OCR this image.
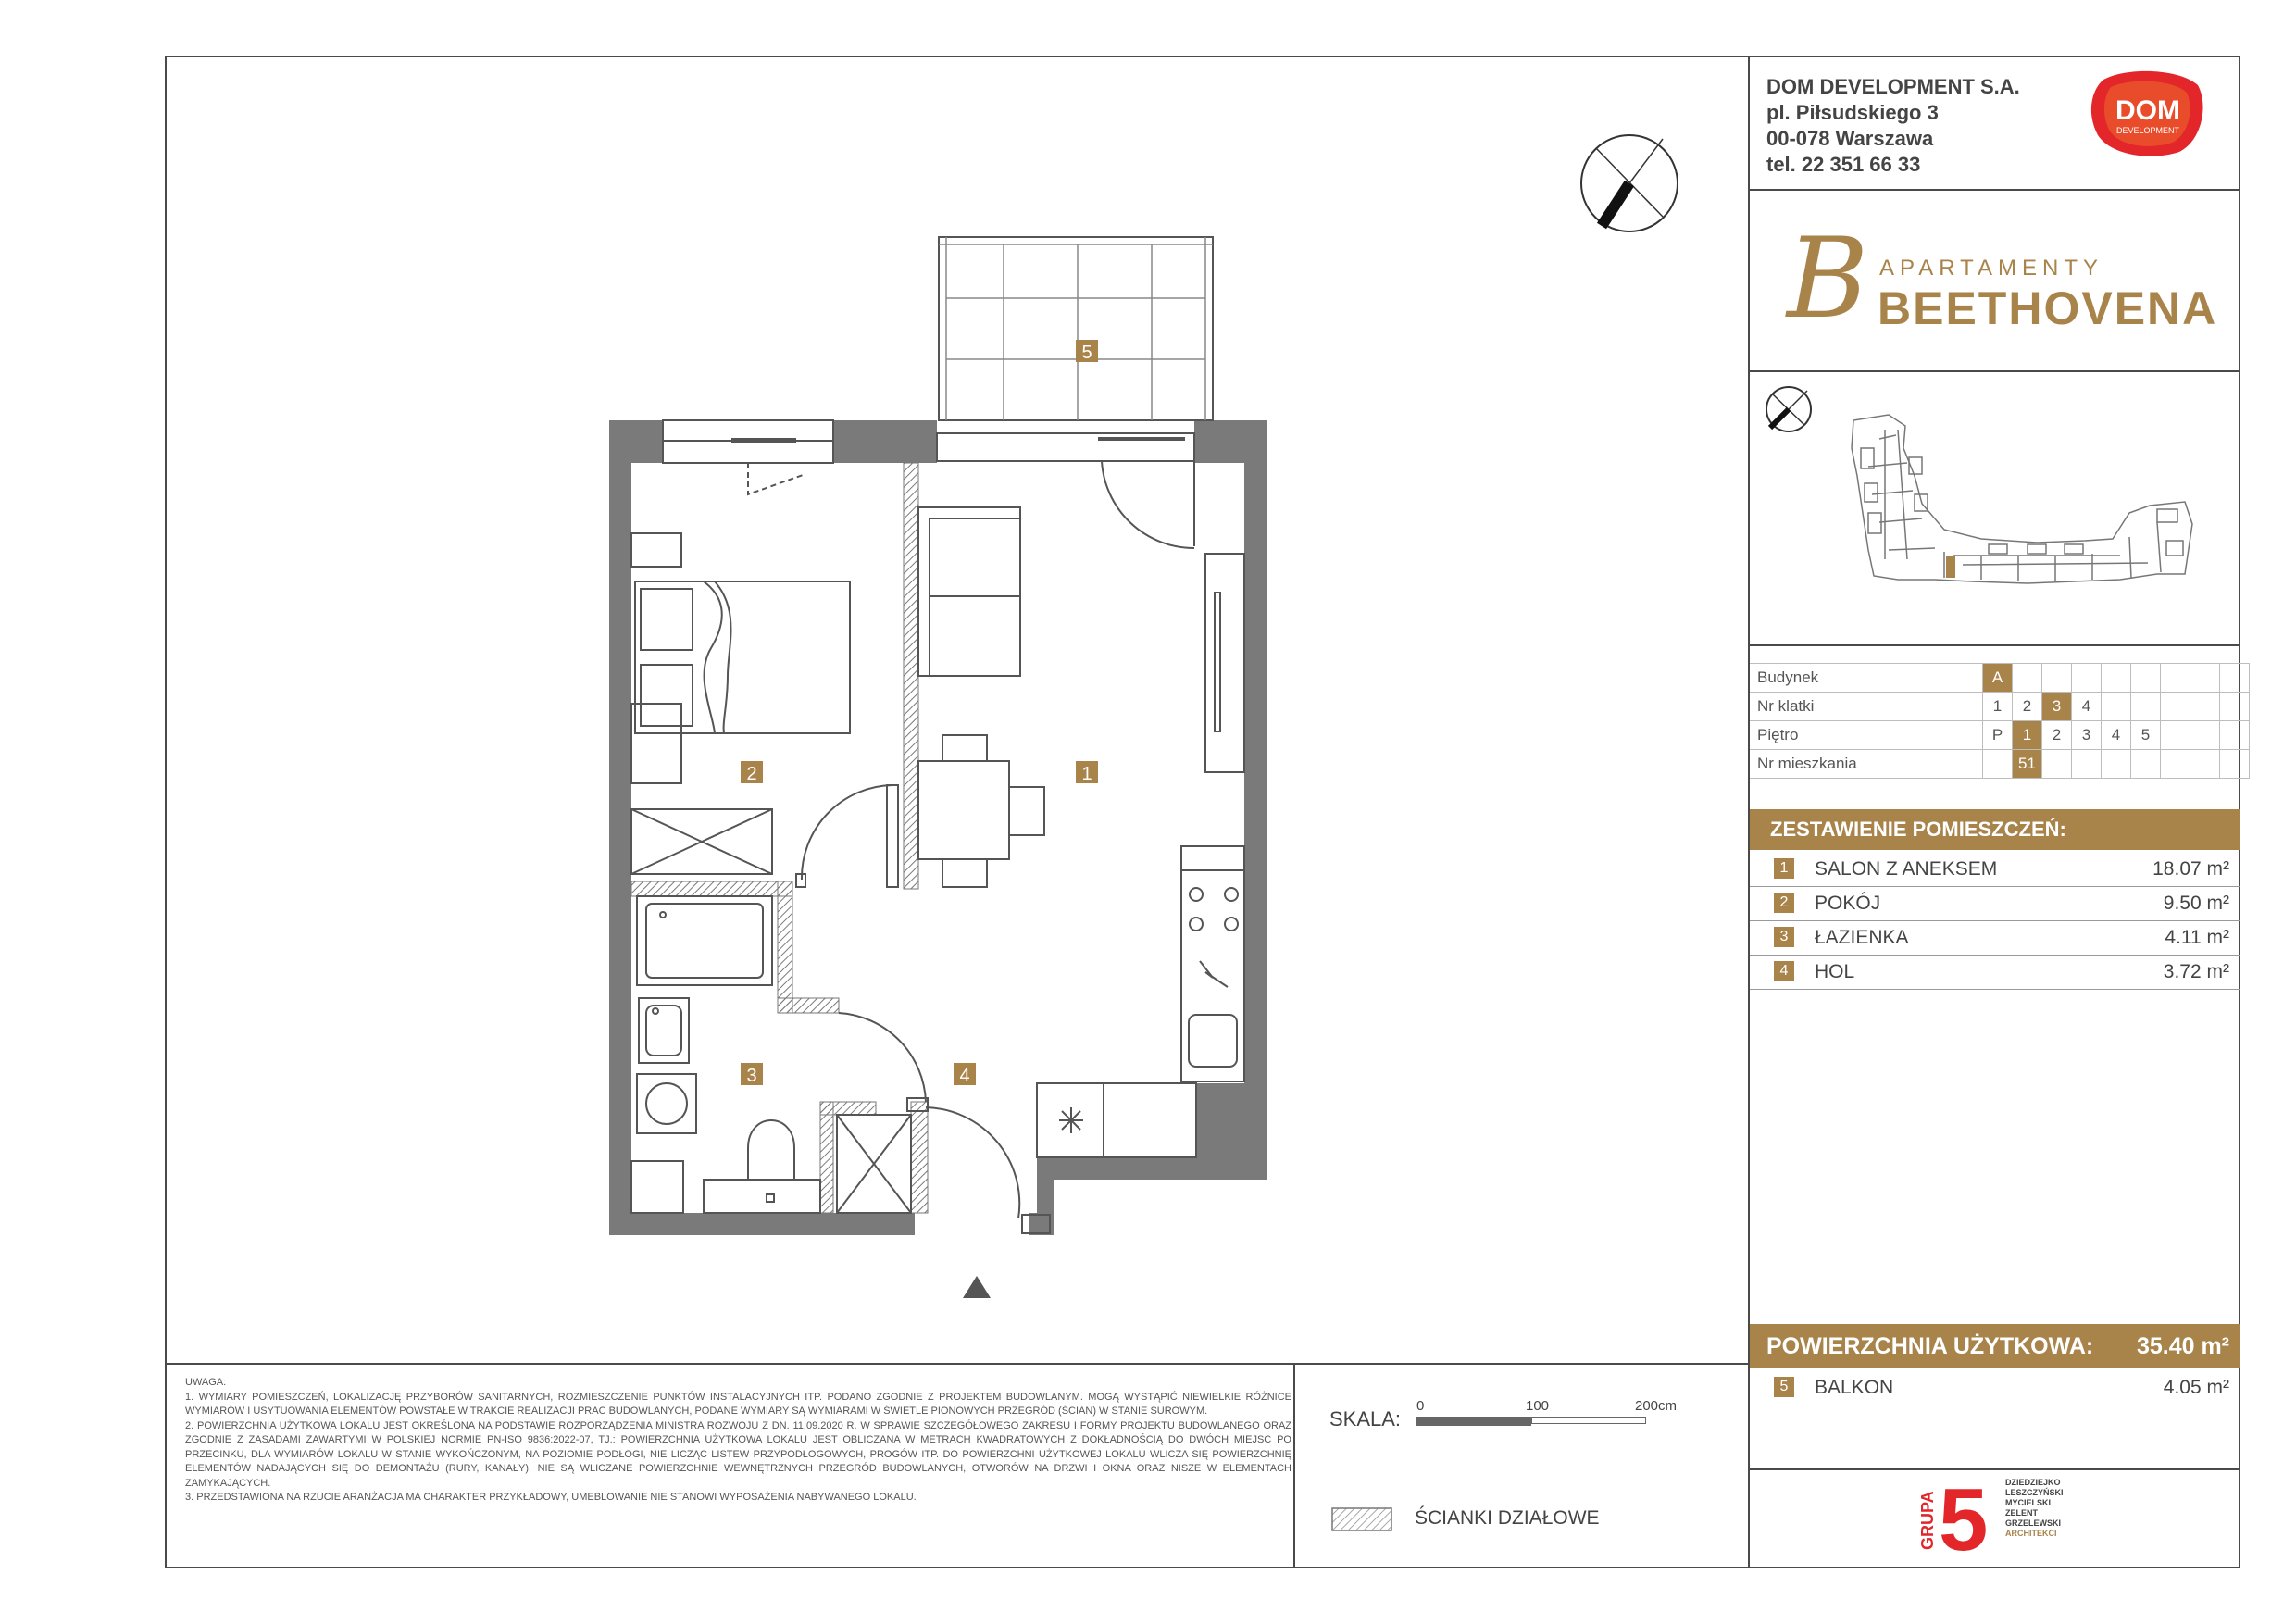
DOM DEVELOPMENT S.A.
pl. Piłsudskiego 3
00-078 Warszawa
tel. 22 351 66 33
DOM
DEVELOPMENT
B APARTAMENTY
BEETHOVENA
Budynek	A								
Nr klatki	1	2	3	4					
Piętro	P	1	2	3	4	5			
Nr mieszkania		51							
ZESTAWIENIE POMIESZCZEŃ:
1	SALON Z ANEKSEM	18.07 m²
2	POKÓJ	9.50 m²
3	ŁAZIENKA	4.11 m²
4	HOL	3.72 m²
POWIERZCHNIA UŻYTKOWA: 35.40 m²
5	BALKON	4.05 m²
2	1
3	4
5

UWAGA:

1. WYMIARY POMIESZCZEŃ, LOKALIZACJĘ PRZYBORÓW SANITARNYCH, ROZMIESZCZENIE PUNKTÓW INSTALACYJNYCH ITP. PODANO ZGODNIE Z PROJEKTEM BUDOWLANYM. MOGĄ WYSTĄPIĆ NIEWIELKIE RÓŻNICE WYMIARÓW I USYTUOWANIA ELEMENTÓW POWSTAŁE W TRAKCIE REALIZACJI PRAC BUDOWLANYCH, PODANE WYMIARY SĄ WYMIARAMI W ŚWIETLE PIONOWYCH PRZEGRÓD (ŚCIAN) W STANIE SUROWYM.

2. POWIERZCHNIA UŻYTKOWA LOKALU JEST OKREŚLONA NA PODSTAWIE ROZPORZĄDZENIA MINISTRA ROZWOJU Z DN. 11.09.2020 R. W SPRAWIE SZCZEGÓŁOWEGO ZAKRESU I FORMY PROJEKTU BUDOWLANEGO ORAZ ZGODNIE Z ZASADAMI ZAWARTYMI W POLSKIEJ NORMIE PN-ISO 9836:2022-07, TJ.: POWIERZCHNIA UŻYTKOWA LOKALU JEST OBLICZANA W METRACH KWADRATOWYCH Z DOKŁADNOŚCIĄ DO DWÓCH MIEJSC PO PRZECINKU, DLA WYMIARÓW LOKALU W STANIE WYKOŃCZONYM, NA POZIOMIE PODŁOGI, NIE LICZĄC LISTEW PRZYPODŁOGOWYCH, PROGÓW ITP. DO POWIERZCHNI UŻYTKOWEJ LOKALU WLICZA SIĘ POWIERZCHNIĘ ELEMENTÓW NADAJĄCYCH SIĘ DO DEMONTAŻU (RURY, KANAŁY), NIE SĄ WLICZANE POWIERZCHNIE WEWNĘTRZNYCH PRZEGRÓD BUDOWLANYCH, OTWORÓW NA DRZWI I OKNA ORAZ NISZE W ELEMENTACH ZAMYKAJĄCYCH.

3. PRZEDSTAWIONA NA RZUCIE ARANŻACJA MA CHARAKTER PRZYKŁADOWY, UMEBLOWANIE NIE STANOWI WYPOSAŻENIA NABYWANEGO LOKALU.

SKALA:
0	100	200cm
ŚCIANKI DZIAŁOWE	GRUPA 5 DZIEDZIEJKO
LESZCZYŃSKI
MYCIELSKI
ZELENT
GRZELEWSKI
ARCHITEKCI
